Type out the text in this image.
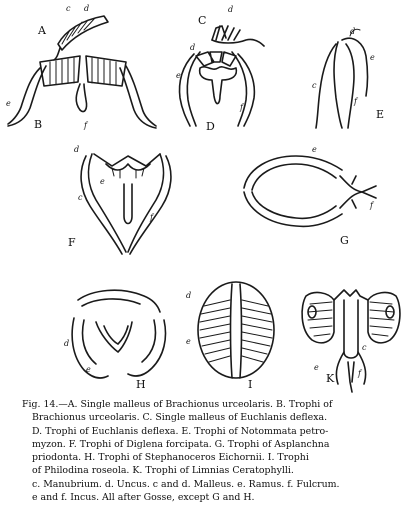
A
c d
B
e
f
C
d
D
d
e
f
E
c
d
e
f
F
d
c
e
f
G
e
f
H
d
e
I
d
e
K
e
f
c

Fig. 14.—A. Single malleus of Brachionus urceolaris. B. Trophi of

Brachionus urceolaris. C. Single malleus of Euchlanis deflexa.

D. Trophi of Euchlanis deflexa. E. Trophi of Notommata petro-

myzon. F. Trophi of Diglena forcipata. G. Trophi of Asplanchna

priodonta. H. Trophi of Stephanoceros Eichornii. I. Trophi

of Philodina roseola. K. Trophi of Limnias Ceratophylli.

c. Manubrium. d. Uncus. c and d. Malleus. e. Ramus. f. Fulcrum.

e and f. Incus. All after Gosse, except G and H.
